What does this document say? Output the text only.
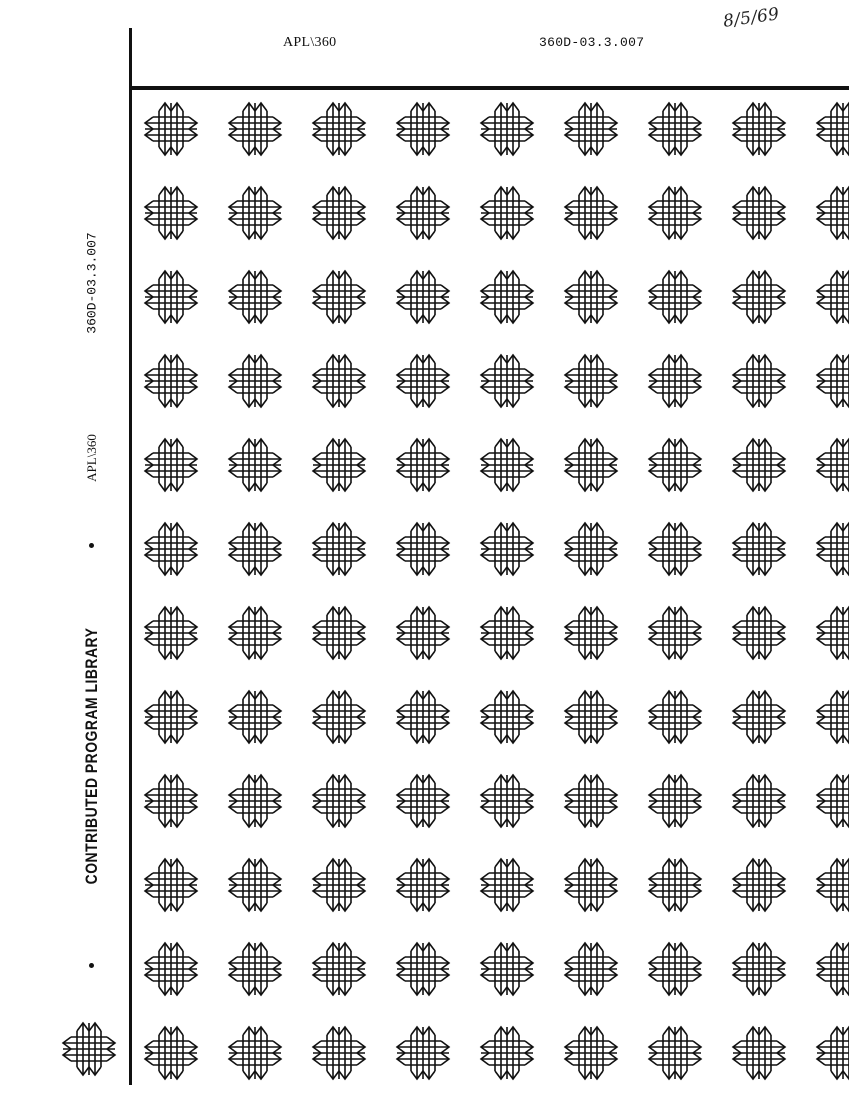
APL\360	360D-03.3.007
8/5/69
360D-03.3.007
APL\360
CONTRIBUTED PROGRAM LIBRARY
